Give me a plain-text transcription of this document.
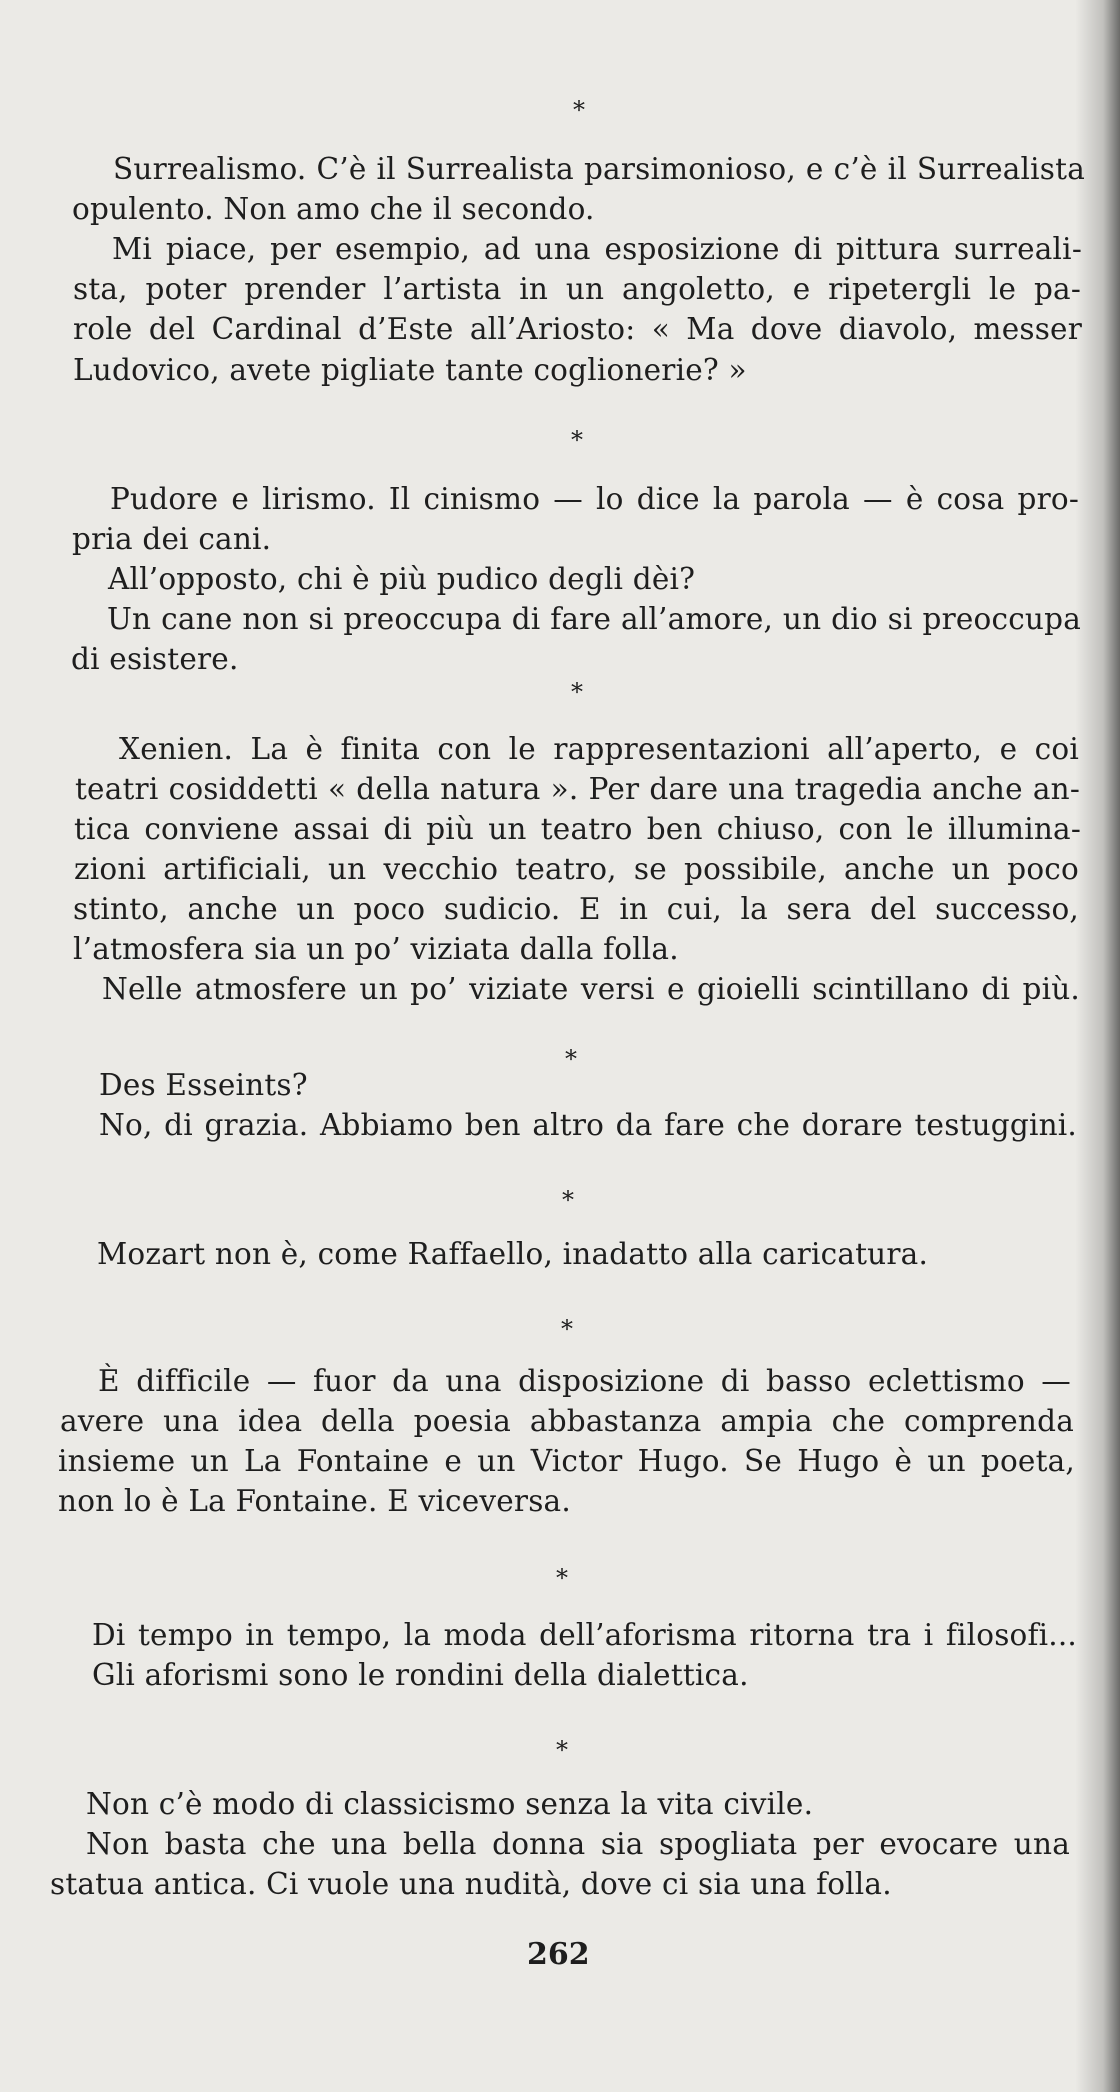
*
Surrealismo. C’è il Surrealista parsimonioso, e c’è il Surrealista
opulento. Non amo che il secondo.
Mi piace, per esempio, ad una esposizione di pittura surreali-
sta, poter prender l’artista in un angoletto, e ripetergli le pa-
role del Cardinal d’Este all’Ariosto: « Ma dove diavolo, messer
Ludovico, avete pigliate tante coglionerie? »
*
Pudore e lirismo. Il cinismo — lo dice la parola — è cosa pro-
pria dei cani.
All’opposto, chi è più pudico degli dèi?
Un cane non si preoccupa di fare all’amore, un dio si preoccupa
di esistere.
*
Xenien. La è finita con le rappresentazioni all’aperto, e coi
teatri cosiddetti « della natura ». Per dare una tragedia anche an-
tica conviene assai di più un teatro ben chiuso, con le illumina-
zioni artificiali, un vecchio teatro, se possibile, anche un poco
stinto, anche un poco sudicio. E in cui, la sera del successo,
l’atmosfera sia un po’ viziata dalla folla.
Nelle atmosfere un po’ viziate versi e gioielli scintillano di più.
*
Des Esseints?
No, di grazia. Abbiamo ben altro da fare che dorare testuggini.
*
Mozart non è, come Raffaello, inadatto alla caricatura.
*
È difficile — fuor da una disposizione di basso eclettismo —
avere una idea della poesia abbastanza ampia che comprenda
insieme un La Fontaine e un Victor Hugo. Se Hugo è un poeta,
non lo è La Fontaine. E viceversa.
*
Di tempo in tempo, la moda dell’aforisma ritorna tra i filosofi...
Gli aforismi sono le rondini della dialettica.
*
Non c’è modo di classicismo senza la vita civile.
Non basta che una bella donna sia spogliata per evocare una
statua antica. Ci vuole una nudità, dove ci sia una folla.
262
